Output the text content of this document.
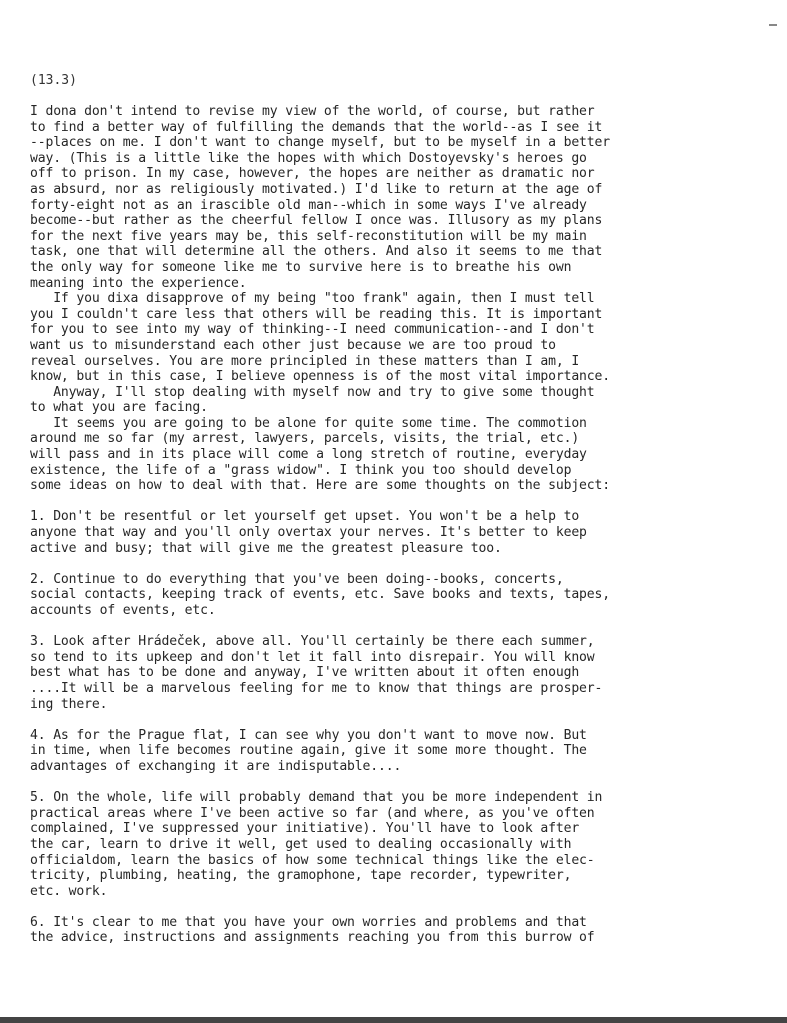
(13.3)
I dona don't intend to revise my view of the world, of course, but rather
to find a better way of fulfilling the demands that the world--as I see it
--places on me. I don't want to change myself, but to be myself in a better
way. (This is a little like the hopes with which Dostoyevsky's heroes go
off to prison. In my case, however, the hopes are neither as dramatic nor
as absurd, nor as religiously motivated.) I'd like to return at the age of
forty-eight not as an irascible old man--which in some ways I've already
become--but rather as the cheerful fellow I once was. Illusory as my plans
for the next five years may be, this self-reconstitution will be my main
task, one that will determine all the others. And also it seems to me that
the only way for someone like me to survive here is to breathe his own
meaning into the experience.
If you dixa disapprove of my being "too frank" again, then I must tell
you I couldn't care less that others will be reading this. It is important
for you to see into my way of thinking--I need communication--and I don't
want us to misunderstand each other just because we are too proud to
reveal ourselves. You are more principled in these matters than I am, I
know, but in this case, I believe openness is of the most vital importance.
Anyway, I'll stop dealing with myself now and try to give some thought
to what you are facing.
It seems you are going to be alone for quite some time. The commotion
around me so far (my arrest, lawyers, parcels, visits, the trial, etc.)
will pass and in its place will come a long stretch of routine, everyday
existence, the life of a "grass widow". I think you too should develop
some ideas on how to deal with that. Here are some thoughts on the subject:
1. Don't be resentful or let yourself get upset. You won't be a help to
anyone that way and you'll only overtax your nerves. It's better to keep
active and busy; that will give me the greatest pleasure too.
2. Continue to do everything that you've been doing--books, concerts,
social contacts, keeping track of events, etc. Save books and texts, tapes,
accounts of events, etc.
3. Look after Hrádeček, above all. You'll certainly be there each summer,
so tend to its upkeep and don't let it fall into disrepair. You will know
best what has to be done and anyway, I've written about it often enough
....It will be a marvelous feeling for me to know that things are prosper-
ing there.
4. As for the Prague flat, I can see why you don't want to move now. But
in time, when life becomes routine again, give it some more thought. The
advantages of exchanging it are indisputable....
5. On the whole, life will probably demand that you be more independent in
practical areas where I've been active so far (and where, as you've often
complained, I've suppressed your initiative). You'll have to look after
the car, learn to drive it well, get used to dealing occasionally with
officialdom, learn the basics of how some technical things like the elec-
tricity, plumbing, heating, the gramophone, tape recorder, typewriter,
etc. work.
6. It's clear to me that you have your own worries and problems and that
the advice, instructions and assignments reaching you from this burrow of
